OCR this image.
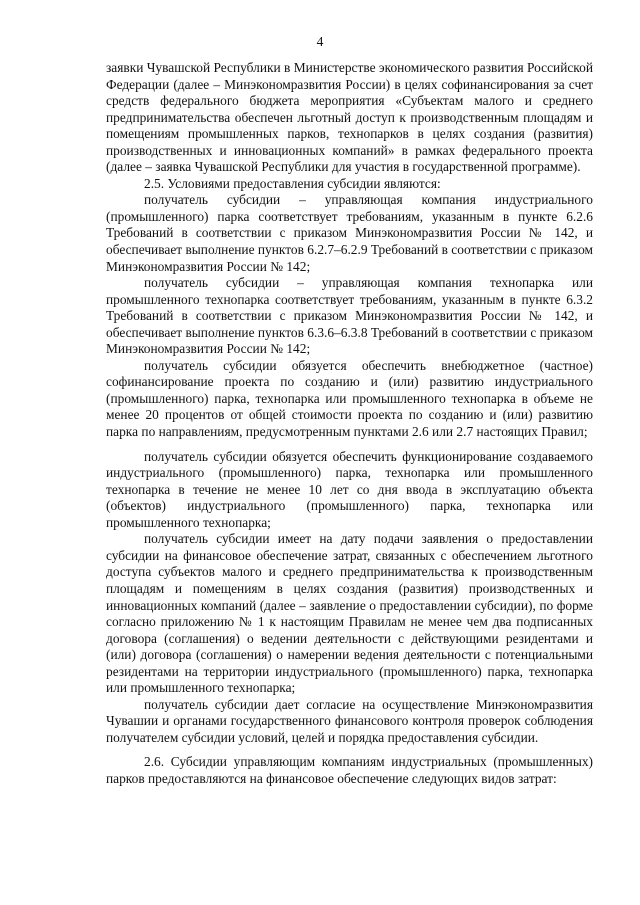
4

заявки Чувашской Республики в Министерстве экономического развития Российской Федерации (далее – Минэкономразвития России) в целях софинансирования за счет средств федерального бюджета мероприятия «Субъектам малого и среднего предпринимательства обеспечен льготный доступ к производственным площадям и помещениям промышленных парков, технопарков в целях создания (развития) производственных и инновационных компаний» в рамках федерального проекта (далее – заявка Чувашской Республики для участия в государственной программе).

2.5. Условиями предоставления субсидии являются:

получатель субсидии – управляющая компания индустриального (промышленного) парка соответствует требованиям, указанным в пункте 6.2.6 Требований в соответствии с приказом Минэкономразвития России № 142, и обеспечивает выполнение пунктов 6.2.7–6.2.9 Требований в соответствии с приказом Минэкономразвития России № 142;

получатель субсидии – управляющая компания технопарка или промышленного технопарка соответствует требованиям, указанным в пункте 6.3.2 Требований в соответствии с приказом Минэкономразвития России № 142, и обеспечивает выполнение пунктов 6.3.6–6.3.8 Требований в соответствии с приказом Минэкономразвития России № 142;

получатель субсидии обязуется обеспечить внебюджетное (частное) софинансирование проекта по созданию и (или) развитию индустриального (промышленного) парка, технопарка или промышленного технопарка в объеме не менее 20 процентов от общей стоимости проекта по созданию и (или) развитию парка по направлениям, предусмотренным пунктами 2.6 или 2.7 настоящих Правил;

получатель субсидии обязуется обеспечить функционирование создаваемого индустриального (промышленного) парка, технопарка или промышленного технопарка в течение не менее 10 лет со дня ввода в эксплуатацию объекта (объектов) индустриального (промышленного) парка, технопарка или промышленного технопарка;

получатель субсидии имеет на дату подачи заявления о предоставлении субсидии на финансовое обеспечение затрат, связанных с обеспечением льготного доступа субъектов малого и среднего предпринимательства к производственным площадям и помещениям в целях создания (развития) производственных и инновационных компаний (далее – заявление о предоставлении субсидии), по форме согласно приложению № 1 к настоящим Правилам не менее чем два подписанных договора (соглашения) о ведении деятельности с действующими резидентами и (или) договора (соглашения) о намерении ведения деятельности с потенциальными резидентами на территории индустриального (промышленного) парка, технопарка или промышленного технопарка;

получатель субсидии дает согласие на осуществление Минэкономразвития Чувашии и органами государственного финансового контроля проверок соблюдения получателем субсидии условий, целей и порядка предоставления субсидии.

2.6. Субсидии управляющим компаниям индустриальных (промышленных) парков предоставляются на финансовое обеспечение следующих видов затрат:
